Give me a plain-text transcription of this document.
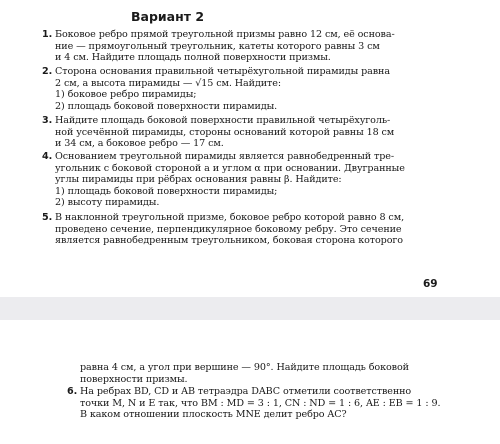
Вариант 2
1. Боковое ребро прямой треугольной призмы равно 12 см, её основа-
ние — прямоугольный треугольник, катеты которого равны 3 см
и 4 см. Найдите площадь полной поверхности призмы.
2. Сторона основания правильной четырёхугольной пирамиды равна
2 см, а высота пирамиды — √15 см. Найдите:
1) боковое ребро пирамиды;
2) площадь боковой поверхности пирамиды.
3. Найдите площадь боковой поверхности правильной четырёхуголь-
ной усечённой пирамиды, стороны оснований которой равны 18 см
и 34 см, а боковое ребро — 17 см.
4. Основанием треугольной пирамиды является равнобедренный тре-
угольник с боковой стороной a и углом α при основании. Двугранные
углы пирамиды при рёбрах основания равны β. Найдите:
1) площадь боковой поверхности пирамиды;
2) высоту пирамиды.
5. В наклонной треугольной призме, боковое ребро которой равно 8 см,
проведено сечение, перпендикулярное боковому ребру. Это сечение
является равнобедренным треугольником, боковая сторона которого
69
равна 4 см, а угол при вершине — 90°. Найдите площадь боковой
поверхности призмы.
6. На ребрах BD, CD и AB тетраэдра DABC отметили соответственно
точки M, N и E так, что BM : MD = 3 : 1, CN : ND = 1 : 6, AE : EB = 1 : 9.
В каком отношении плоскость MNE делит ребро AC?
